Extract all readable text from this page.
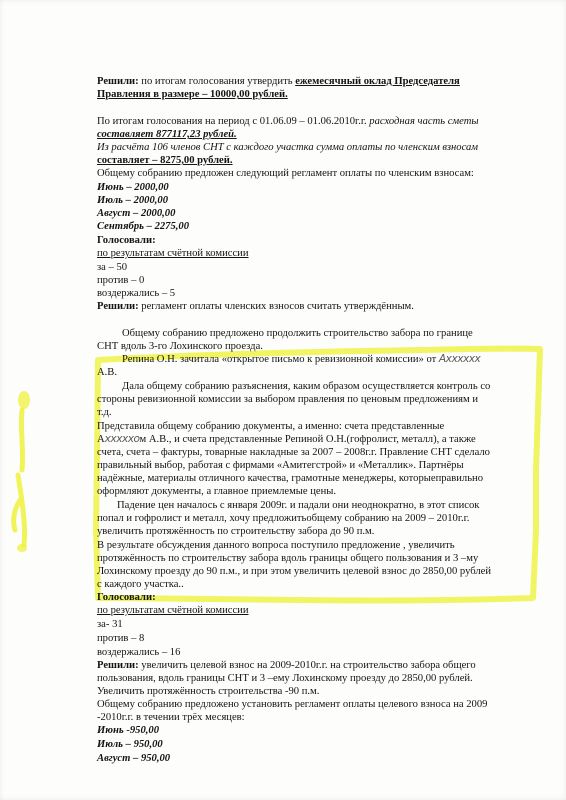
Решили: по итогам голосования утвердить ежемесячный оклад Председателя
Правления в размере – 10000,00 рублей.
По итогам голосования на период с 01.06.09 – 01.06.2010г.г. расходная часть сметы
составляет 877117,23 рублей.
Из расчёта 106 членов СНТ с каждого участка сумма оплаты по членским взносам
составляет – 8275,00 рублей.
Общему собранию предложен следующий регламент оплаты по членским взносам:
Июнь – 2000,00
Июль – 2000,00
Август – 2000,00
Сентябрь – 2275,00
Голосовали:
по результатам счётной комиссии
за – 50
против – 0
воздержались – 5
Решили: регламент оплаты членских взносов считать утверждённым.
Общему собранию предложено продолжить строительство забора по границе
СНТ вдоль 3-го Лохинского проезда.
Репина О.Н. зачитала «открытое письмо к ревизионной комиссии» от Аxxxxxх
А.В.
Дала общему собранию разъяснения, каким образом осуществляется контроль со
стороны ревизионной комиссии за выбором правления по ценовым предложениям и
т.д.
Представила общему собранию документы, а именно: счета представленные
Аxxxxxoм А.В., и счета представленные Репиной О.Н.(гофролист, металл), а также
счета, счета – фактуры, товарные накладные за 2007 – 2008г.г. Правление СНТ сделало
правильный выбор, работая с фирмами «Амитегстрой» и «Металлик». Партнёры
надёжные, материалы отличного качества, грамотные менеджеры, которыеправильно
оформляют документы, а главное приемлемые цены.
Падение цен началось с января 2009г. и падали они неоднократно, в этот список
попал и гофролист и металл, хочу предложитьобщему собранию на 2009 – 2010г.г.
увеличить протяжённость по строительству забора до 90 п.м.
В результате обсуждения данного вопроса поступило предложение , увеличить
протяжённость по строительству забора вдоль границы общего пользования и 3 –му
Лохинскому проезду до 90 п.м., и при этом увеличить целевой взнос до 2850,00 рублей
с каждого участка..
Голосовали:
по результатам счётной комиссии
за- 31
против – 8
воздержались – 16
Решили: увеличить целевой взнос на 2009-2010г.г. на строительство забора общего
пользования, вдоль границы СНТ и 3 –ему Лохинскому проезду до 2850,00 рублей.
Увеличить протяжённость строительства -90 п.м.
Общему собранию предложено установить регламент оплаты целевого взноса на 2009
-2010г.г. в течении трёх месяцев:
Июнь -950,00
Июль – 950,00
Август – 950,00
